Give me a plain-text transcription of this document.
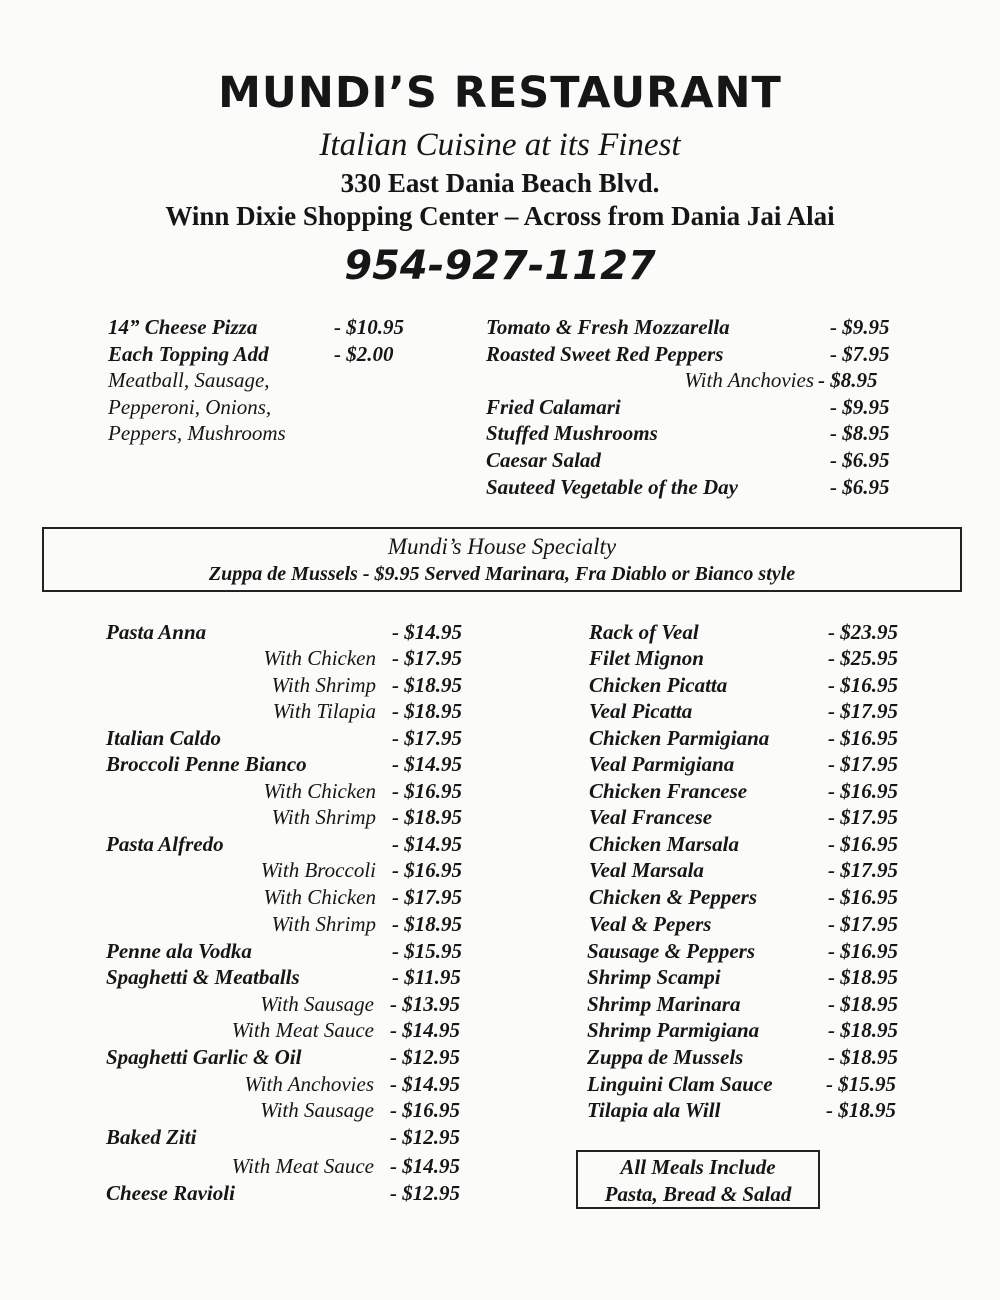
MUNDI’S RESTAURANT
Italian Cuisine at its Finest
330 East Dania Beach Blvd.
Winn Dixie Shopping Center – Across from Dania Jai Alai
954-927-1127
14” Cheese Pizza	- $10.95
Each Topping Add	- $2.00
Meatball, Sausage,
Pepperoni, Onions,
Peppers, Mushrooms
Tomato & Fresh Mozzarella	- $9.95
Roasted Sweet Red Peppers	- $7.95
With Anchovies - $8.95
Fried Calamari	- $9.95
Stuffed Mushrooms	- $8.95
Caesar Salad	- $6.95
Sauteed Vegetable of the Day	- $6.95
Mundi’s House Specialty
Zuppa de Mussels - $9.95 Served Marinara, Fra Diablo or Bianco style
Pasta Anna	- $14.95
With Chicken - $17.95
With Shrimp - $18.95
With Tilapia - $18.95
Italian Caldo	- $17.95
Broccoli Penne Bianco	- $14.95
With Chicken - $16.95
With Shrimp - $18.95
Pasta Alfredo	- $14.95
With Broccoli - $16.95
With Chicken - $17.95
With Shrimp - $18.95
Penne ala Vodka	- $15.95
Spaghetti & Meatballs	- $11.95
With Sausage - $13.95
With Meat Sauce - $14.95
Spaghetti Garlic & Oil	- $12.95
With Anchovies - $14.95
With Sausage - $16.95
Baked Ziti	- $12.95
With Meat Sauce - $14.95
Cheese Ravioli	- $12.95
Rack of Veal	- $23.95
Filet Mignon	- $25.95
Chicken Picatta	- $16.95
Veal Picatta	- $17.95
Chicken Parmigiana	- $16.95
Veal Parmigiana	- $17.95
Chicken Francese	- $16.95
Veal Francese	- $17.95
Chicken Marsala	- $16.95
Veal Marsala	- $17.95
Chicken & Peppers	- $16.95
Veal & Pepers	- $17.95
Sausage & Peppers	- $16.95
Shrimp Scampi	- $18.95
Shrimp Marinara	- $18.95
Shrimp Parmigiana	- $18.95
Zuppa de Mussels	- $18.95
Linguini Clam Sauce	- $15.95
Tilapia ala Will	- $18.95
All Meals Include
Pasta, Bread & Salad
